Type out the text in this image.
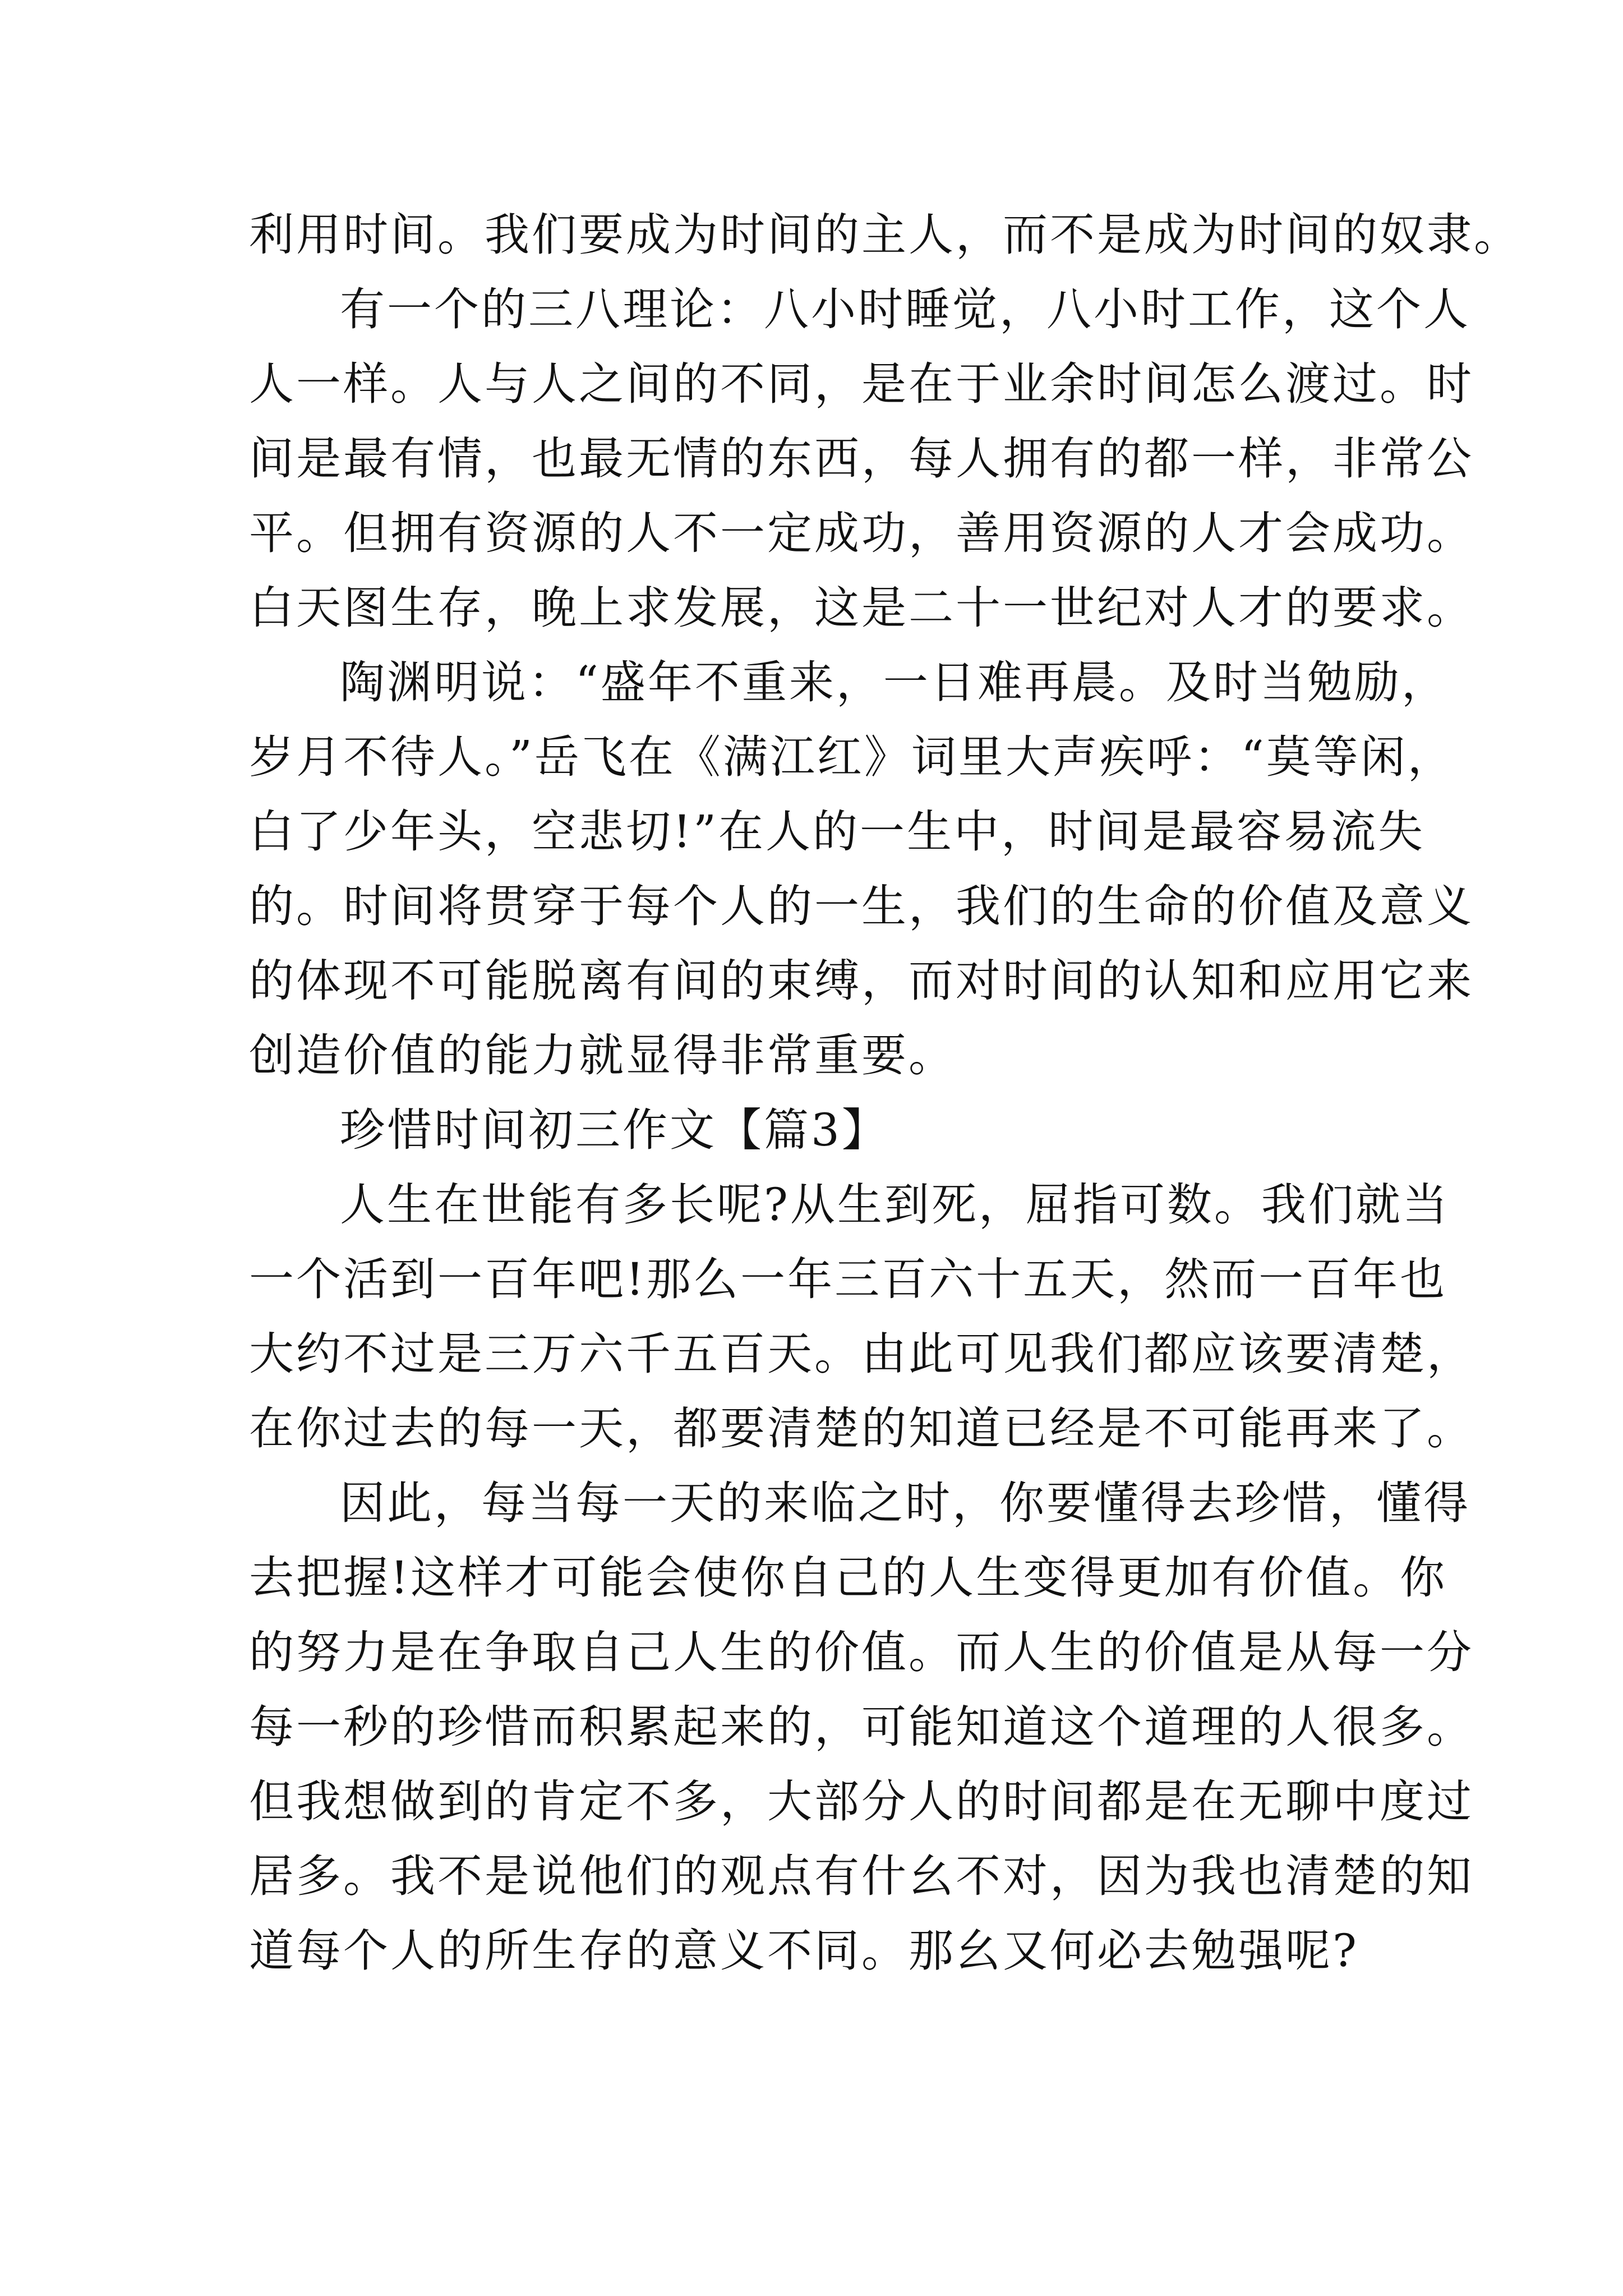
利用时间。我们要成为时间的主人，而不是成为时间的奴隶。
有一个的三八理论：八小时睡觉，八小时工作，这个人
人一样。人与人之间的不同，是在于业余时间怎么渡过。时
间是最有情，也最无情的东西，每人拥有的都一样，非常公
平。但拥有资源的人不一定成功，善用资源的人才会成功。
白天图生存，晚上求发展，这是二十一世纪对人才的要求。
陶渊明说：“盛年不重来，一日难再晨。及时当勉励，
岁月不待人。”岳飞在《满江红》词里大声疾呼：“莫等闲，
白了少年头，空悲切!”在人的一生中，时间是最容易流失
的。时间将贯穿于每个人的一生，我们的生命的价值及意义
的体现不可能脱离有间的束缚，而对时间的认知和应用它来
创造价值的能力就显得非常重要。
珍惜时间初三作文【篇3】
人生在世能有多长呢?从生到死，屈指可数。我们就当
一个活到一百年吧!那么一年三百六十五天，然而一百年也
大约不过是三万六千五百天。由此可见我们都应该要清楚，
在你过去的每一天，都要清楚的知道已经是不可能再来了。
因此，每当每一天的来临之时，你要懂得去珍惜，懂得
去把握!这样才可能会使你自己的人生变得更加有价值。你
的努力是在争取自己人生的价值。而人生的价值是从每一分
每一秒的珍惜而积累起来的，可能知道这个道理的人很多。
但我想做到的肯定不多，大部分人的时间都是在无聊中度过
居多。我不是说他们的观点有什幺不对，因为我也清楚的知
道每个人的所生存的意义不同。那幺又何必去勉强呢?
